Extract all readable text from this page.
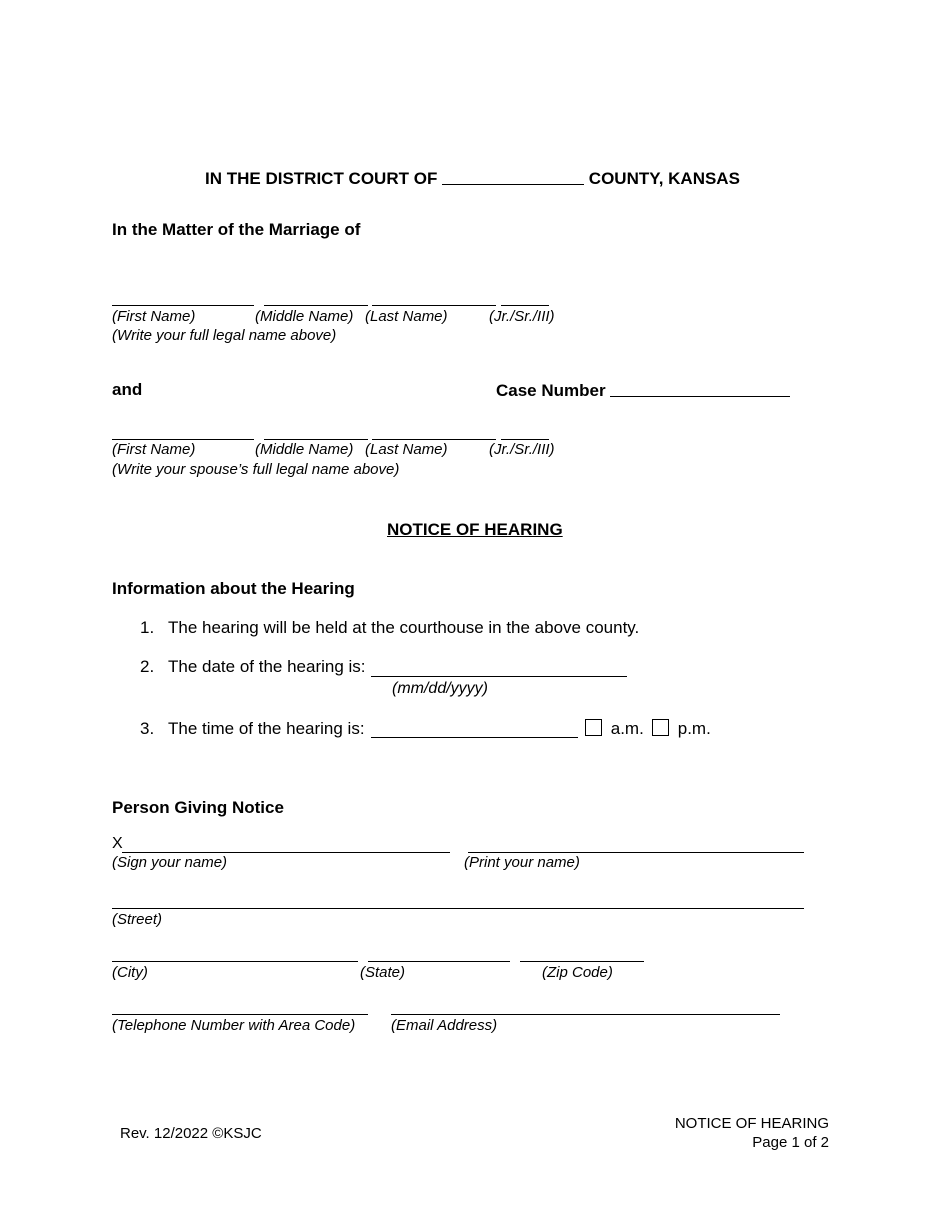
IN THE DISTRICT COURT OF	COUNTY, KANSAS
In the Matter of the Marriage of
(First Name)	(Middle Name) (Last Name)	(Jr./Sr./III)
(Write your full legal name above)
and	Case Number
(First Name)	(Middle Name) (Last Name)	(Jr./Sr./III)
(Write your spouse’s full legal name above)
NOTICE OF HEARING
Information about the Hearing
1. The hearing will be held at the courthouse in the above county.
2. The date of the hearing is:
(mm/dd/yyyy)
3. The time of the hearing is:	a.m.	p.m.
Person Giving Notice
X
(Sign your name)	(Print your name)
(Street)
(City)	(State)	(Zip Code)
(Telephone Number with Area Code) (Email Address)
Rev. 12/2022 ©KSJC
NOTICE OF HEARING
Page 1 of 2
